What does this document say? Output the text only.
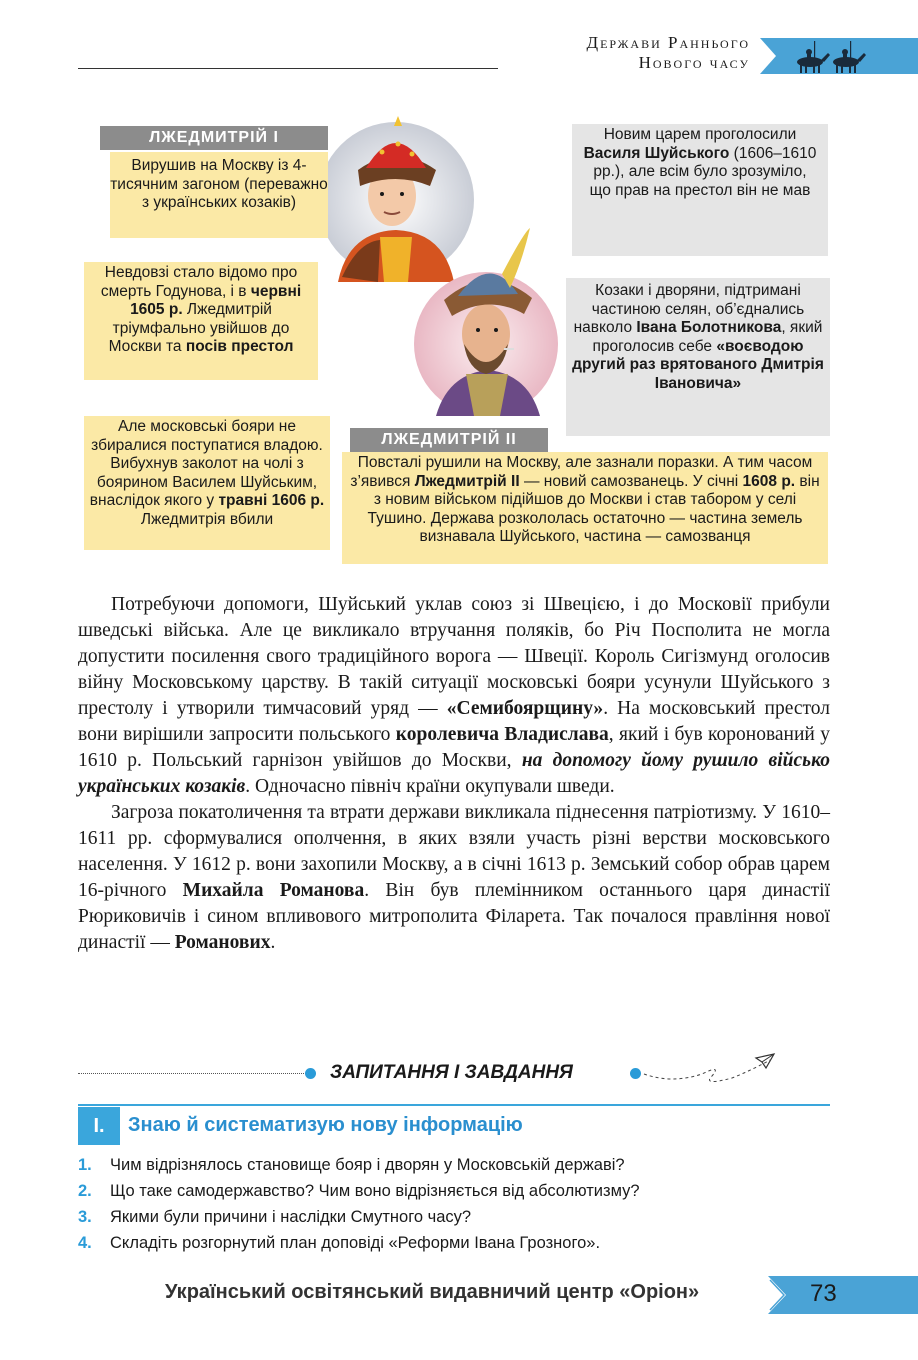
Держави Раннього
Нового часу
ЛЖЕДМИТРІЙ I
ЛЖЕДМИТРІЙ II
Вирушив на Москву із 4-тисячним загоном (переважно з українських козаків)
Невдовзі стало відомо про смерть Годунова, і в червні 1605 р. Лжедмитрій тріумфально увійшов до Москви та посів престол
Але московські бояри не збиралися поступатися владою. Вибухнув заколот на чолі з боярином Василем Шуйським, внаслідок якого у травні 1606 р. Лжедмитрія вбили
Новим царем проголосили Василя Шуйського (1606–1610 рр.), але всім було зрозуміло, що прав на престол він не мав
Козаки і дворяни, підтримані частиною селян, об’єднались навколо Івана Болотникова, який проголосив себе «воєводою другий раз врятованого Дмитрія Івановича»
Повсталі рушили на Москву, але зазнали поразки. А тим часом з’явився Лжедмитрій II — новий самозванець. У січні 1608 р. він з новим військом підійшов до Москви і став табором у селі Тушино. Держава розкололась остаточно — частина земель визнавала Шуйського, частина — самозванця

Потребуючи допомоги, Шуйський уклав союз зі Швецією, і до Московії прибули шведські війська. Але це викликало втручання поляків, бо Річ Посполита не могла допустити посилення свого традиційного ворога — Швеції. Король Сигізмунд оголосив війну Московському царству. В такій ситуації московські бояри усунули Шуйського з престолу і утворили тимчасовий уряд — «Семибоярщину». На московський престол вони вирішили запросити польського королевича Владислава, який і був коронований у 1610 р. Польський гарнізон увійшов до Москви, на допомогу йому рушило військо українських козаків. Одночасно північ країни окупували шведи.

Загроза покатоличення та втрати держави викликала піднесення патріотизму. У 1610–1611 рр. сформувалися ополчення, в яких взяли участь різні верстви московського населення. У 1612 р. вони захопили Москву, а в січні 1613 р. Земський собор обрав царем 16-річного Михайла Романова. Він був племінником останнього царя династії Рюриковичів і сином впливового митрополита Філарета. Так почалося правління нової династії — Романових.

ЗАПИТАННЯ І ЗАВДАННЯ
I.	Знаю й систематизую нову інформацію
1.	Чим відрізнялось становище бояр і дворян у Московській державі?
2.	Що таке самодержавство? Чим воно відрізняється від абсолютизму?
3.	Якими були причини і наслідки Смутного часу?
4.	Складіть розгорнутий план доповіді «Реформи Івана Грозного».
Український освітянський видавничий центр «Оріон»	73
